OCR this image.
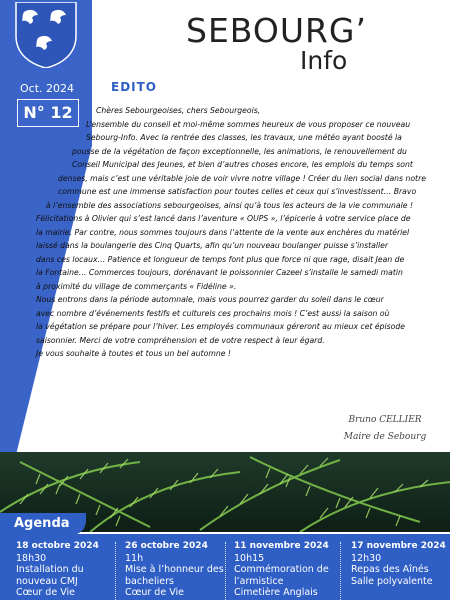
SEBOURG’
Info
Oct. 2024
N° 12
EDITO

Chères Sebourgeoises, chers Sebourgeois,

L’ensemble du conseil et moi-même sommes heureux de vous proposer ce nouveau

Sebourg-Info. Avec la rentrée des classes, les travaux, une météo ayant boosté la

pousse de la végétation de façon exceptionnelle, les animations, le renouvellement du

Conseil Municipal des Jeunes, et bien d’autres choses encore, les emplois du temps sont

denses, mais c’est une véritable joie de voir vivre notre village ! Créer du lien social dans notre

commune est une immense satisfaction pour toutes celles et ceux qui s’investissent… Bravo

à l’ensemble des associations sebourgeoises, ainsi qu’à tous les acteurs de la vie communale !

Félicitations à Olivier qui s’est lancé dans l’aventure « OUPS », l’épicerie à votre service place de

la mairie. Par contre, nous sommes toujours dans l’attente de la vente aux enchères du matériel

laissé dans la boulangerie des Cinq Quarts, afin qu’un nouveau boulanger puisse s’installer

dans ces locaux… Patience et longueur de temps font plus que force ni que rage, disait Jean de

la Fontaine… Commerces toujours, dorénavant le poissonnier Cazeel s’installe le samedi matin

à proximité du village de commerçants « Fidéline ».

Nous entrons dans la période automnale, mais vous pourrez garder du soleil dans le cœur

avec nombre d’événements festifs et culturels ces prochains mois ! C’est aussi la saison où

la végétation se prépare pour l’hiver. Les employés communaux géreront au mieux cet épisode

saisonnier. Merci de votre compréhension et de votre respect à leur égard.

Je vous souhaite à toutes et tous un bel automne !

Bruno CELLIER
Maire de Sebourg
Agenda
18 octobre 2024
18h30
Installation du
nouveau CMJ
Cœur de Vie
26 octobre 2024
11h
Mise à l’honneur des
bacheliers
Cœur de Vie
11 novembre 2024
10h15
Commémoration de
l’armistice
Cimetière Anglais
17 novembre 2024
12h30
Repas des Aînés
Salle polyvalente
